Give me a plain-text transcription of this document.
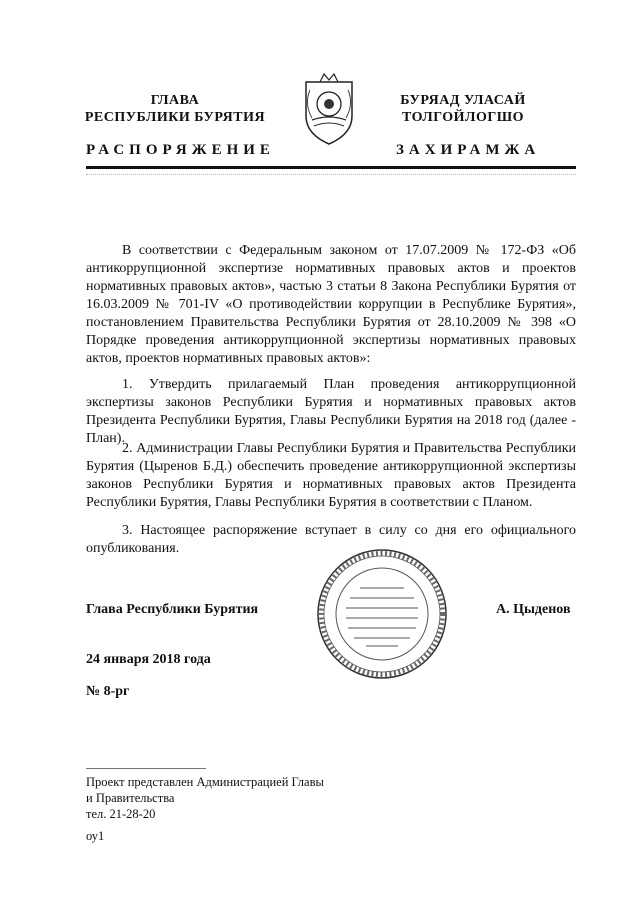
ГЛАВА
РЕСПУБЛИКИ БУРЯТИЯ
БУРЯАД УЛАСАЙ
ТОЛГОЙЛОГШО
РАСПОРЯЖЕНИЕ	ЗАХИРАМЖА
В соответствии с Федеральным законом от 17.07.2009 № 172-ФЗ «Об антикоррупционной экспертизе нормативных правовых актов и проектов нормативных правовых актов», частью 3 статьи 8 Закона Республики Бурятия от 16.03.2009 № 701-IV «О противодействии коррупции в Республике Бурятия», постановлением Правительства Республики Бурятия от 28.10.2009 № 398 «О Порядке проведения антикоррупционной экспертизы нормативных правовых актов, проектов нормативных правовых актов»:
1. Утвердить прилагаемый План проведения антикоррупционной экспертизы законов Республики Бурятия и нормативных правовых актов Президента Республики Бурятия, Главы Республики Бурятия на 2018 год (далее - План).
2. Администрации Главы Республики Бурятия и Правительства Республики Бурятия (Цыренов Б.Д.) обеспечить проведение антикоррупционной экспертизы законов Республики Бурятия и нормативных правовых актов Президента Республики Бурятия, Главы Республики Бурятия в соответствии с Планом.
3. Настоящее распоряжение вступает в силу со дня его официального опубликования.
Глава Республики Бурятия	А. Цыденов
24 января 2018 года
№ 8-рг
Проект представлен Администрацией Главы
и Правительства
тел. 21-28-20
оу1
